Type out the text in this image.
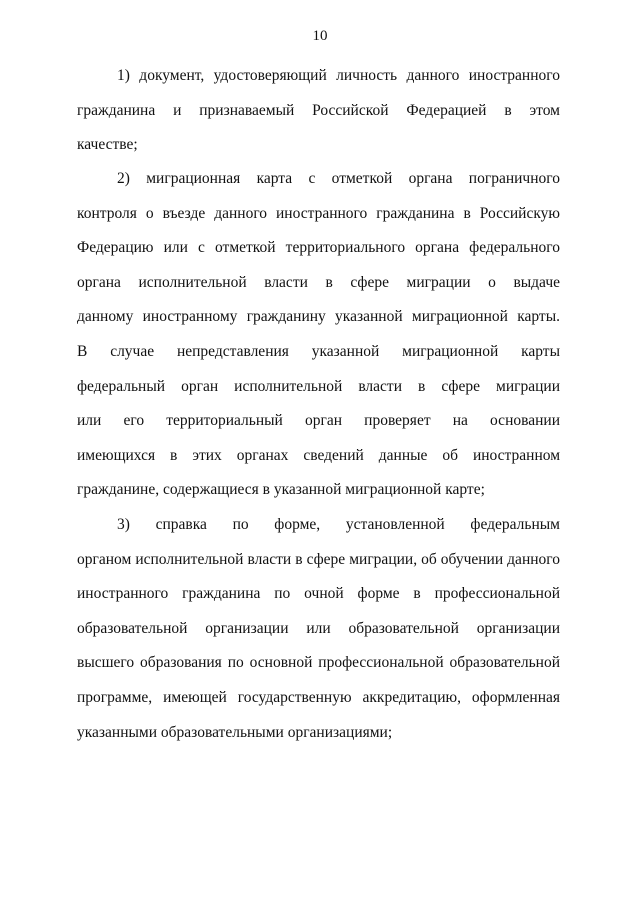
10
1) документ, удостоверяющий личность данного иностранного
гражданина и признаваемый Российской Федерацией в этом
качестве;
2) миграционная карта с отметкой органа пограничного
контроля о въезде данного иностранного гражданина в Российскую
Федерацию или с отметкой территориального органа федерального
органа исполнительной власти в сфере миграции о выдаче
данному иностранному гражданину указанной миграционной карты.
В случае непредставления указанной миграционной карты
федеральный орган исполнительной власти в сфере миграции
или его территориальный орган проверяет на основании
имеющихся в этих органах сведений данные об иностранном
гражданине, содержащиеся в указанной миграционной карте;
3) справка по форме, установленной федеральным
органом исполнительной власти в сфере миграции, об обучении данного
иностранного гражданина по очной форме в профессиональной
образовательной организации или образовательной организации
высшего образования по основной профессиональной образовательной
программе, имеющей государственную аккредитацию, оформленная
указанными образовательными организациями;
